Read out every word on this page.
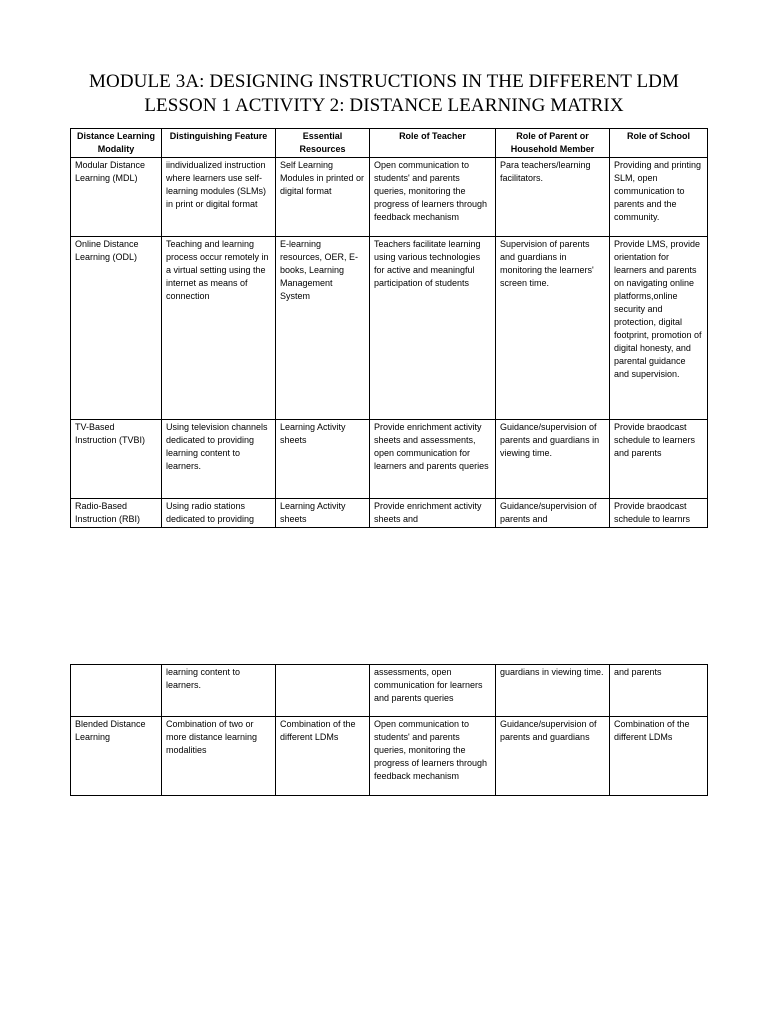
MODULE 3A: DESIGNING INSTRUCTIONS IN THE DIFFERENT LDM
LESSON 1 ACTIVITY 2: DISTANCE LEARNING MATRIX
Distance Learning Modality	Distinguishing Feature	Essential Resources	Role of Teacher	Role of Parent or Household Member	Role of School
Modular Distance Learning (MDL)	iindividualized instruction where learners use self-learning modules (SLMs) in print or digital format	Self Learning Modules in printed or digital format	Open communication to students' and parents queries, monitoring the progress of learners through feedback mechanism	Para teachers/learning facilitators.	Providing and printing SLM, open communication to parents and the community.
Online Distance Learning (ODL)	Teaching and learning process occur remotely in a virtual setting using the internet as means of connection	E-learning resources, OER, E-books, Learning Management System	Teachers facilitate learning using various technologies for active and meaningful participation of students	Supervision of parents and guardians in monitoring the learners' screen time.	Provide LMS, provide orientation for learners and parents on navigating online platforms,online security and protection, digital footprint, promotion of digital honesty, and parental guidance and supervision.
TV-Based Instruction (TVBI)	Using television channels dedicated to providing learning content to learners.	Learning Activity sheets	Provide enrichment activity sheets and assessments, open communication for learners and parents queries	Guidance/supervision of parents and guardians in viewing time.	Provide braodcast schedule to learners and parents
Radio-Based Instruction (RBI)	Using radio stations dedicated to providing	Learning Activity sheets	Provide enrichment activity sheets and	Guidance/supervision of parents and	Provide braodcast schedule to learnrs
	learning content to learners.		assessments, open communication for learners and parents queries	guardians in viewing time.	and parents
Blended Distance Learning	Combination of two or more distance learning modalities	Combination of the different LDMs	Open communication to students' and parents queries, monitoring the progress of learners through feedback mechanism	Guidance/supervision of parents and guardians	Combination of the different LDMs
